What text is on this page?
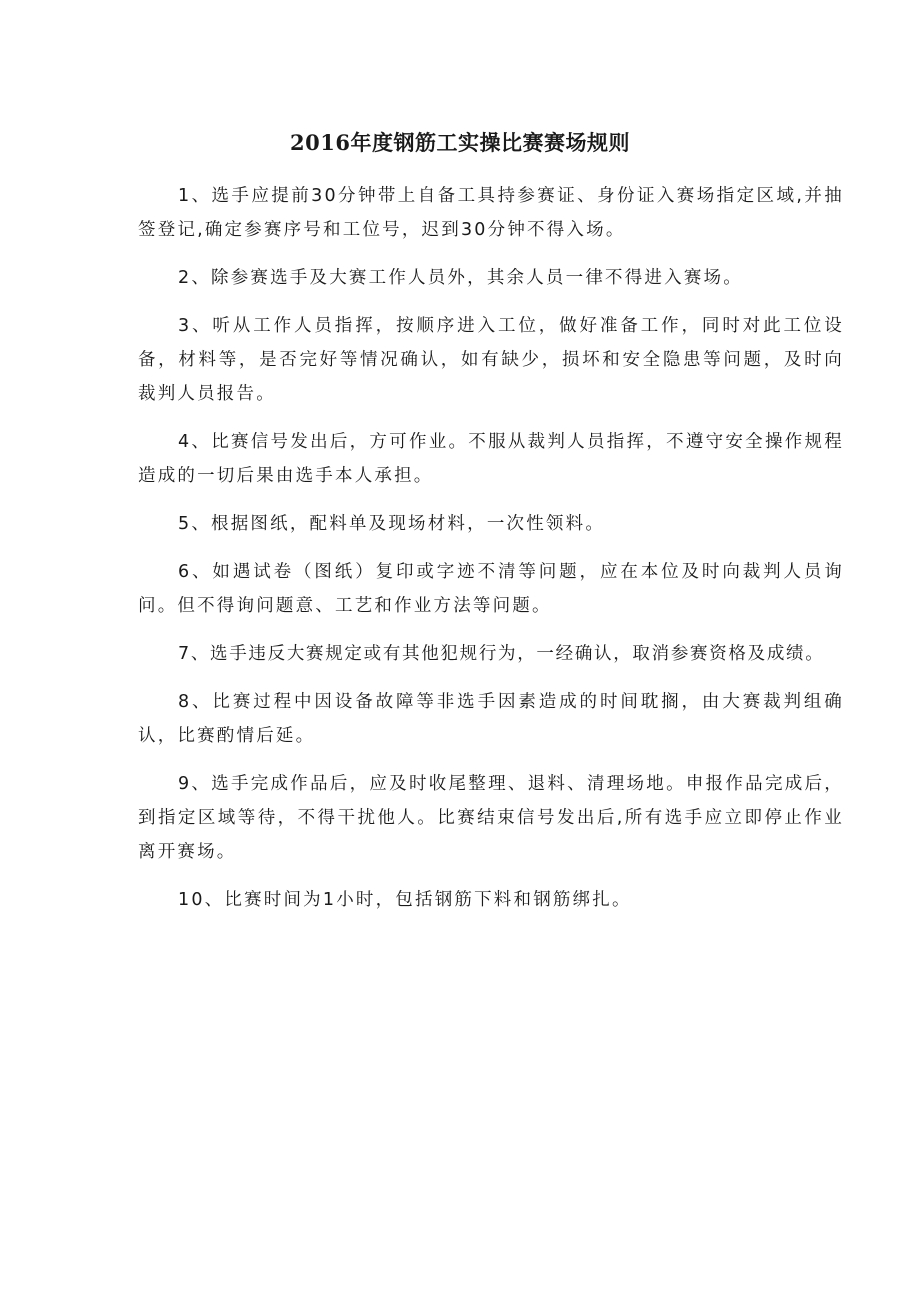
2016年度钢筋工实操比赛赛场规则

1、选手应提前30分钟带上自备工具持参赛证、身份证入赛场指定区域,并抽签登记,确定参赛序号和工位号，迟到30分钟不得入场。

2、除参赛选手及大赛工作人员外，其余人员一律不得进入赛场。

3、听从工作人员指挥，按顺序进入工位，做好准备工作，同时对此工位设备，材料等，是否完好等情况确认，如有缺少，损坏和安全隐患等问题，及时向裁判人员报告。

4、比赛信号发出后，方可作业。不服从裁判人员指挥，不遵守安全操作规程造成的一切后果由选手本人承担。

5、根据图纸，配料单及现场材料，一次性领料。

6、如遇试卷（图纸）复印或字迹不清等问题，应在本位及时向裁判人员询问。但不得询问题意、工艺和作业方法等问题。

7、选手违反大赛规定或有其他犯规行为，一经确认，取消参赛资格及成绩。

8、比赛过程中因设备故障等非选手因素造成的时间耽搁，由大赛裁判组确认，比赛酌情后延。

9、选手完成作品后，应及时收尾整理、退料、清理场地。申报作品完成后，到指定区域等待，不得干扰他人。比赛结束信号发出后,所有选手应立即停止作业离开赛场。

10、比赛时间为1小时，包括钢筋下料和钢筋绑扎。
